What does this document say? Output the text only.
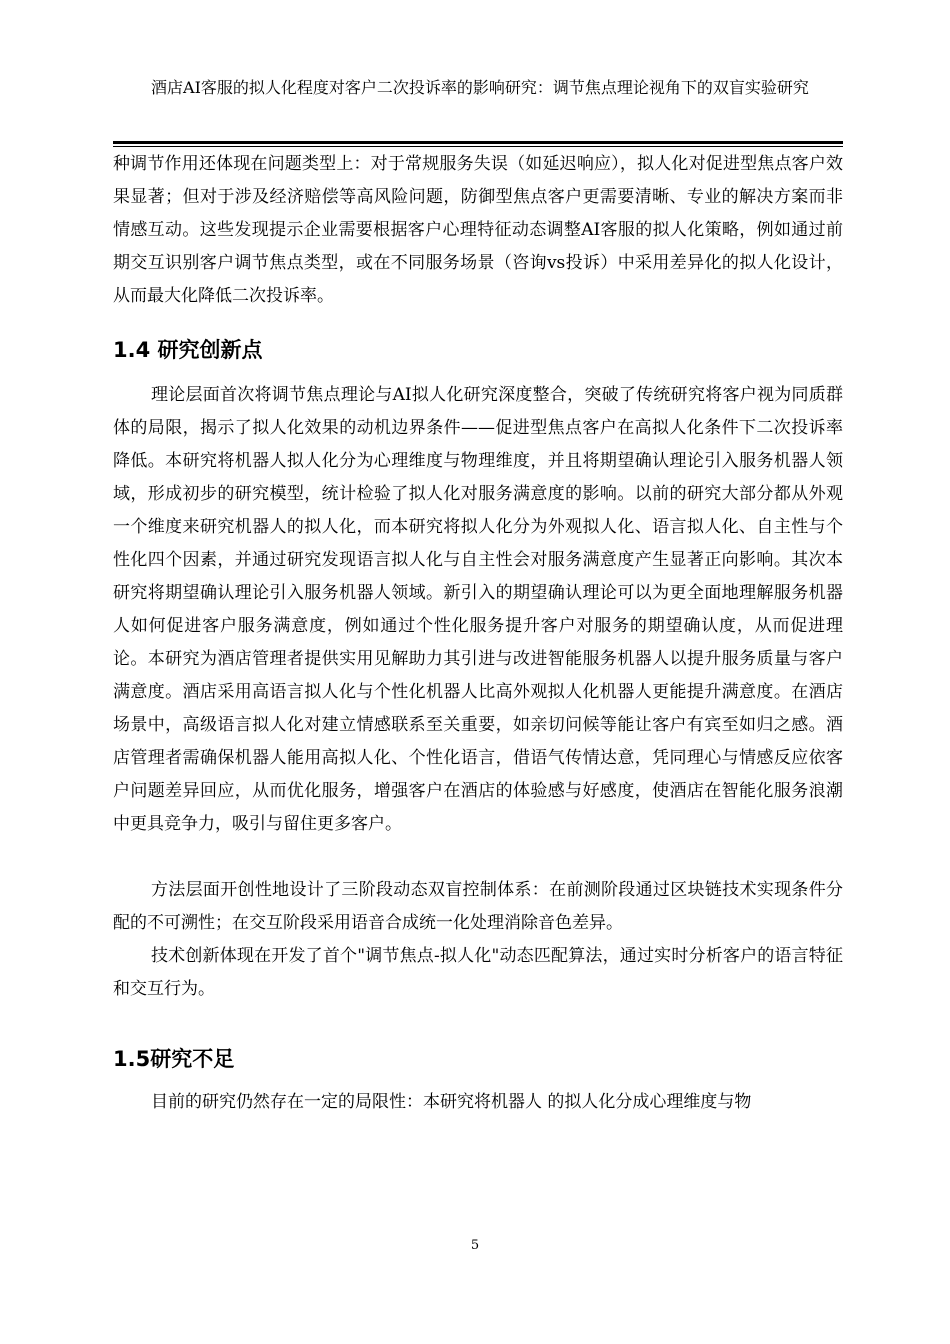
酒店AI客服的拟人化程度对客户二次投诉率的影响研究：调节焦点理论视角下的双盲实验研究

种调节作用还体现在问题类型上：对于常规服务失误（如延迟响应），拟人化对促进型焦点客户效果显著；但对于涉及经济赔偿等高风险问题，防御型焦点客户更需要清晰、专业的解决方案而非情感互动。这些发现提示企业需要根据客户心理特征动态调整AI客服的拟人化策略，例如通过前期交互识别客户调节焦点类型，或在不同服务场景（咨询vs投诉）中采用差异化的拟人化设计，从而最大化降低二次投诉率。

1.4 研究创新点

理论层面首次将调节焦点理论与AI拟人化研究深度整合，突破了传统研究将客户视为同质群体的局限，揭示了拟人化效果的动机边界条件——促进型焦点客户在高拟人化条件下二次投诉率降低。本研究将机器人拟人化分为心理维度与物理维度，并且将期望确认理论引入服务机器人领域，形成初步的研究模型，统计检验了拟人化对服务满意度的影响。以前的研究大部分都从外观一个维度来研究机器人的拟人化，而本研究将拟人化分为外观拟人化、语言拟人化、自主性与个性化四个因素，并通过研究发现语言拟人化与自主性会对服务满意度产生显著正向影响。其次本研究将期望确认理论引入服务机器人领域。新引入的期望确认理论可以为更全面地理解服务机器人如何促进客户服务满意度，例如通过个性化服务提升客户对服务的期望确认度，从而促进理论。本研究为酒店管理者提供实用见解助力其引进与改进智能服务机器人以提升服务质量与客户满意度。酒店采用高语言拟人化与个性化机器人比高外观拟人化机器人更能提升满意度。在酒店场景中，高级语言拟人化对建立情感联系至关重要，如亲切问候等能让客户有宾至如归之感。酒店管理者需确保机器人能用高拟人化、个性化语言，借语气传情达意，凭同理心与情感反应依客户问题差异回应，从而优化服务，增强客户在酒店的体验感与好感度，使酒店在智能化服务浪潮中更具竞争力，吸引与留住更多客户。

方法层面开创性地设计了三阶段动态双盲控制体系：在前测阶段通过区块链技术实现条件分配的不可溯性；在交互阶段采用语音合成统一化处理消除音色差异。

技术创新体现在开发了首个"调节焦点-拟人化"动态匹配算法，通过实时分析客户的语言特征和交互行为。

1.5研究不足

目前的研究仍然存在一定的局限性：本研究将机器人 的拟人化分成心理维度与物

5
